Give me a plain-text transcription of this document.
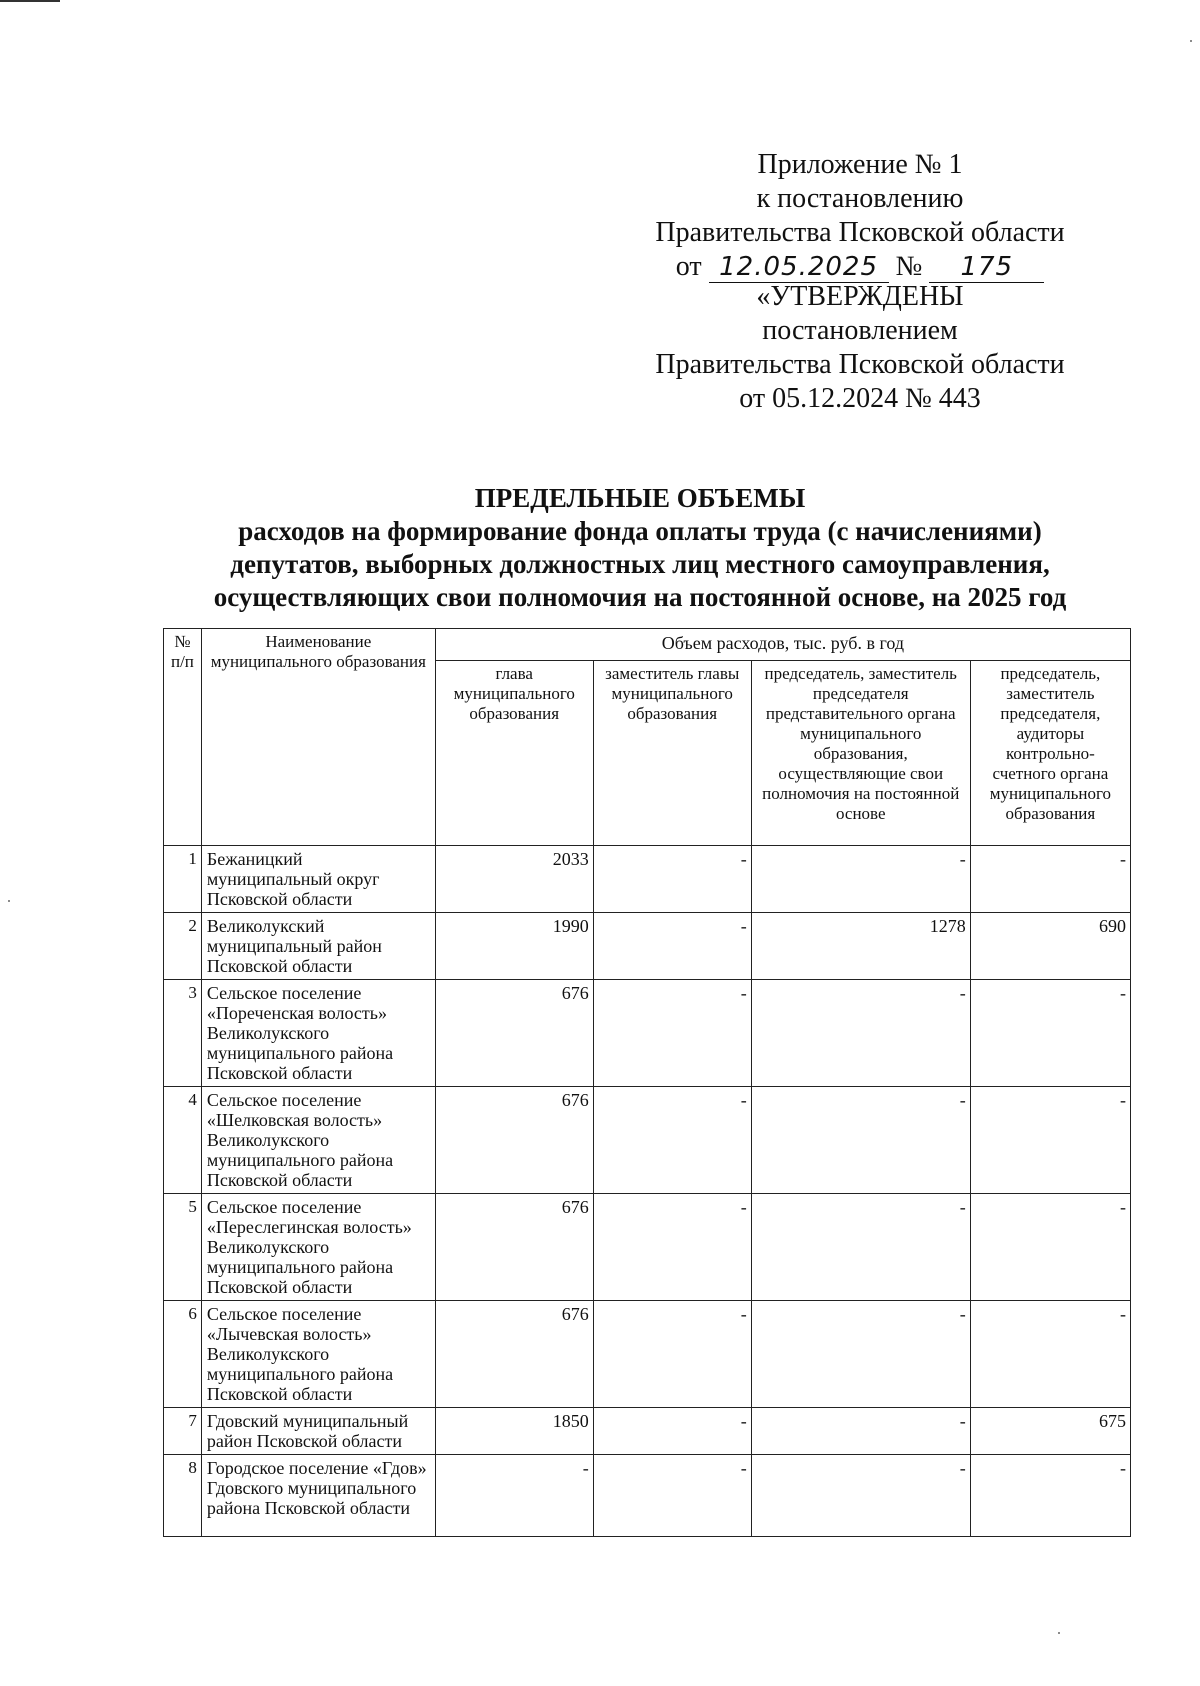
Приложение № 1
к постановлению
Правительства Псковской области
от 12.05.2025 № 175
«УТВЕРЖДЕНЫ
постановлением
Правительства Псковской области
от 05.12.2024 № 443
ПРЕДЕЛЬНЫЕ ОБЪЕМЫ
расходов на формирование фонда оплаты труда (с начислениями)
депутатов, выборных должностных лиц местного самоуправления,
осуществляющих свои полномочия на постоянной основе, на 2025 год
№ п/п	Наименование муниципального образования	Объем расходов, тыс. руб. в год			
		глава муниципального образования	заместитель главы муниципального образования	председатель, заместитель председателя представительного органа муниципального образования, осуществляющие свои полномочия на постоянной основе	председатель, заместитель председателя, аудиторы контрольно-счетного органа муниципального образования
1	Бежаницкий муниципальный округ Псковской области	2033	-	-	-
2	Великолукский муниципальный район Псковской области	1990	-	1278	690
3	Сельское поселение «Пореченская волость» Великолукского муниципального района Псковской области	676	-	-	-
4	Сельское поселение «Шелковская волость» Великолукского муниципального района Псковской области	676	-	-	-
5	Сельское поселение «Переслегинская волость» Великолукского муниципального района Псковской области	676	-	-	-
6	Сельское поселение «Лычевская волость» Великолукского муниципального района Псковской области	676	-	-	-
7	Гдовский муниципальный район Псковской области	1850	-	-	675
8	Городское поселение «Гдов» Гдовского муниципального района Псковской области	-	-	-	-
